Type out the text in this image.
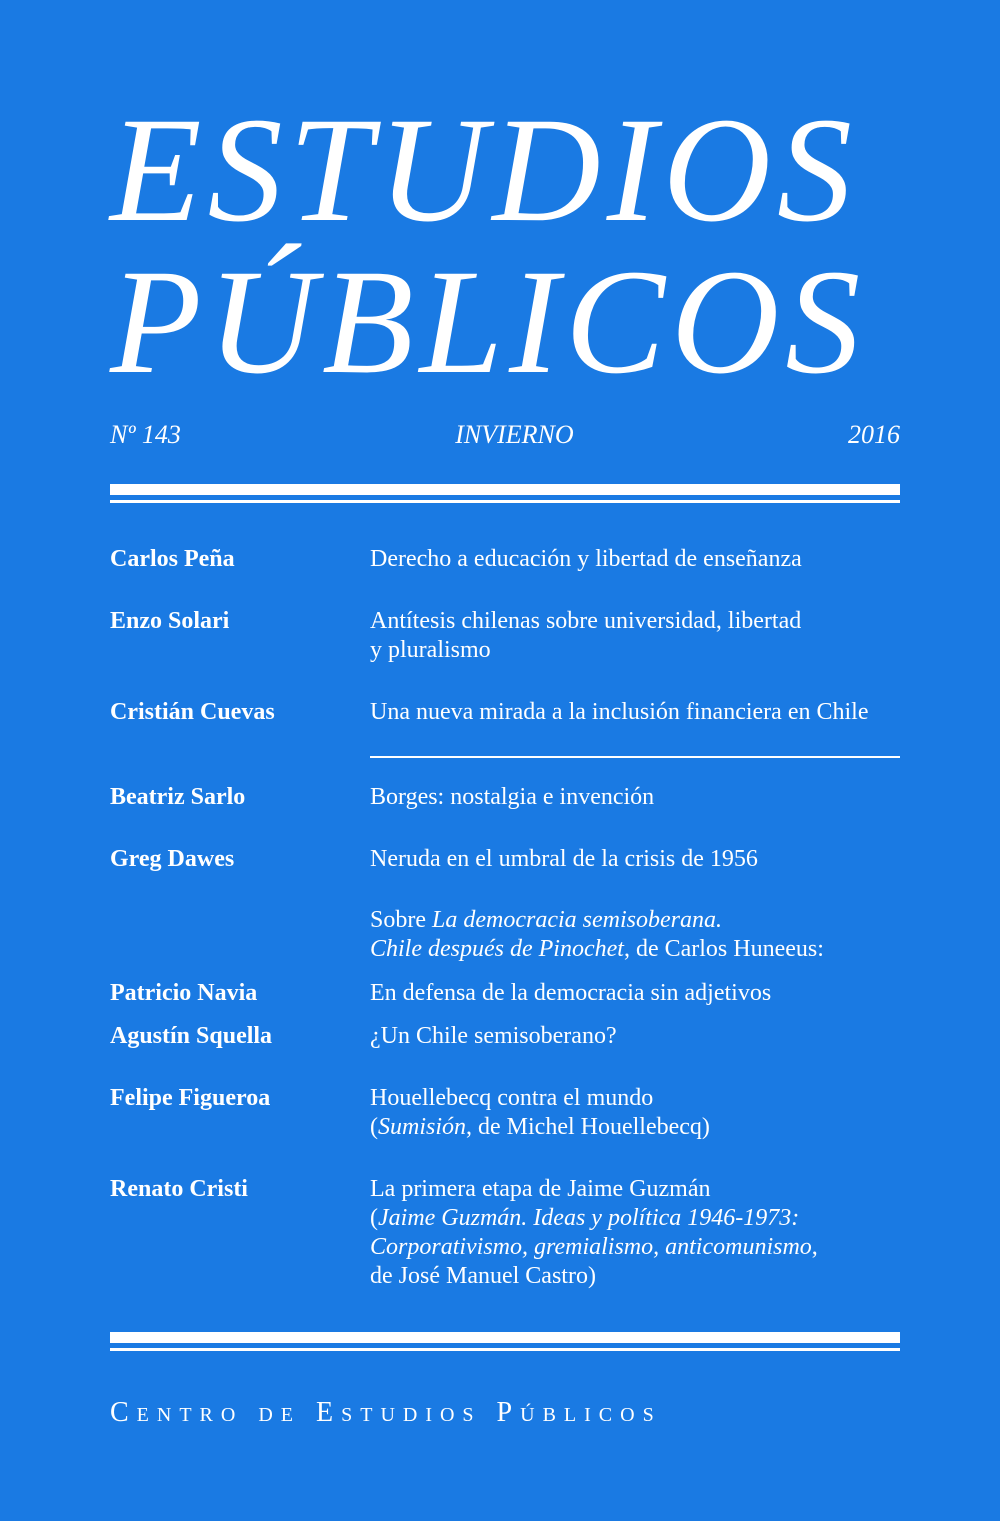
ESTUDIOS
PÚBLICOS
Nº 143	INVIERNO	2016
Carlos Peña	Derecho a educación y libertad de enseñanza
Enzo Solari	Antítesis chilenas sobre universidad, libertad
y pluralismo
Cristián Cuevas	Una nueva mirada a la inclusión financiera en Chile
Beatriz Sarlo	Borges: nostalgia e invención
Greg Dawes	Neruda en el umbral de la crisis de 1956
Sobre La democracia semisoberana.
Chile después de Pinochet, de Carlos Huneeus:
Patricio Navia	En defensa de la democracia sin adjetivos
Agustín Squella	¿Un Chile semisoberano?
Felipe Figueroa	Houellebecq contra el mundo
(Sumisión, de Michel Houellebecq)
Renato Cristi	La primera etapa de Jaime Guzmán
(Jaime Guzmán. Ideas y política 1946-1973:
Corporativismo, gremialismo, anticomunismo,
de José Manuel Castro)
Centro de Estudios Públicos
